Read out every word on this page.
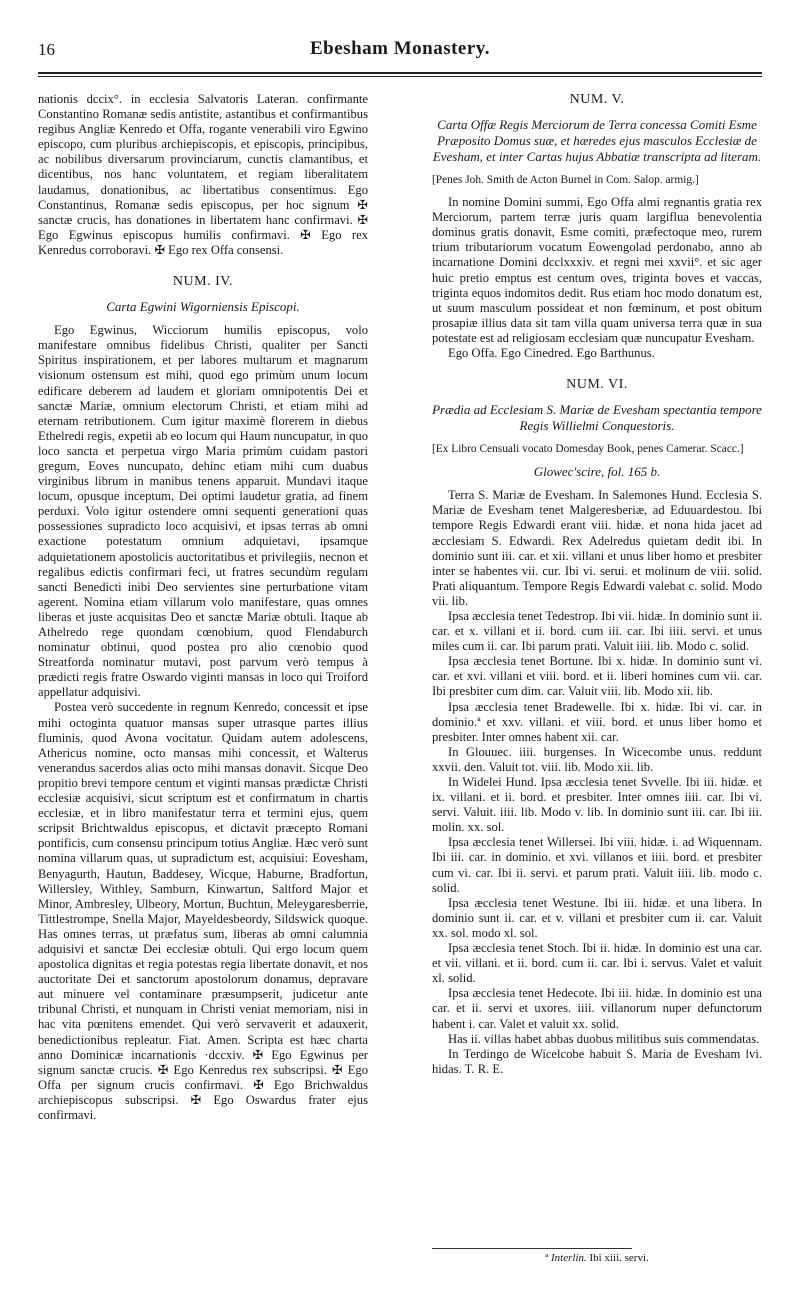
16	Ebesham Monastery.

nationis dccix°. in ecclesia Salvatoris Lateran. confirmante Constantino Romanæ sedis antistite, astantibus et confirmantibus regibus Angliæ Kenredo et Offa, rogante venerabili viro Egwino episcopo, cum pluribus archiepiscopis, et episcopis, principibus, ac nobilibus diversarum provinciarum, cunctis clamantibus, et dicentibus, nos hanc voluntatem, et regiam liberalitatem laudamus, donationibus, ac libertatibus consentimus. Ego Constantinus, Romanæ sedis episcopus, per hoc signum ✠ sanctæ crucis, has donationes in libertatem hanc confirmavi. ✠ Ego Egwinus episcopus humilis confirmavi. ✠ Ego rex Kenredus corroboravi. ✠ Ego rex Offa consensi.

NUM. IV.
Carta Egwini Wigorniensis Episcopi.

Ego Egwinus, Wicciorum humilis episcopus, volo manifestare omnibus fidelibus Christi, qualiter per Sancti Spiritus inspirationem, et per labores multarum et magnarum visionum ostensum est mihi, quod ego primùm unum locum edificare deberem ad laudem et gloriam omnipotentis Dei et sanctæ Mariæ, omnium electorum Christi, et etiam mihi ad eternam retributionem. Cum igitur maximè florerem in diebus Ethelredi regis, expetii ab eo locum qui Haum nuncupatur, in quo loco sancta et perpetua virgo Maria primùm cuidam pastori gregum, Eoves nuncupato, dehinc etiam mihi cum duabus virginibus librum in manibus tenens apparuit. Mundavi itaque locum, opusque inceptum, Dei optimi laudetur gratia, ad finem perduxi. Volo igitur ostendere omni sequenti generationi quas possessiones supradicto loco acquisivi, et ipsas terras ab omni exactione potestatum omnium adquietavi, ipsamque adquietationem apostolicis auctoritatibus et privilegiis, necnon et regalibus edictis confirmari feci, ut fratres secundùm regulam sancti Benedicti inibi Deo servientes sine perturbatione vitam agerent. Nomina etiam villarum volo manifestare, quas omnes liberas et juste acquisitas Deo et sanctæ Mariæ obtuli. Itaque ab Athelredo rege quondam cœnobium, quod Flendaburch nominatur obtinui, quod postea pro alio cœnobio quod Streatforda nominatur mutavi, post parvum verò tempus à prædicti regis fratre Oswardo viginti mansas in loco qui Troiford appellatur adquisivi.

Postea verò succedente in regnum Kenredo, concessit et ipse mihi octoginta quatuor mansas super utrasque partes illius fluminis, quod Avona vocitatur. Quidam autem adolescens, Athericus nomine, octo mansas mihi concessit, et Walterus venerandus sacerdos alias octo mihi mansas donavit. Sicque Deo propitio brevi tempore centum et viginti mansas prædictæ Christi ecclesiæ acquisivi, sicut scriptum est et confirmatum in chartis ecclesiæ, et in libro manifestatur terra et termini ejus, quem scripsit Brichtwaldus episcopus, et dictavit præcepto Romani pontificis, cum consensu principum totius Angliæ. Hæc verò sunt nomina villarum quas, ut supradictum est, acquisiui: Eovesham, Benyagurth, Hautun, Baddesey, Wicque, Haburne, Bradfortun, Willersley, Withley, Samburn, Kinwartun, Saltford Major et Minor, Ambresley, Ulbeory, Mortun, Buchtun, Meleygaresberrie, Tittlestrompe, Snella Major, Mayeldesbeordy, Sildswick quoque. Has omnes terras, ut præfatus sum, liberas ab omni calumnia adquisivi et sanctæ Dei ecclesiæ obtuli. Qui ergo locum quem apostolica dignitas et regia potestas regia libertate donavit, et nos auctoritate Dei et sanctorum apostolorum donamus, depravare aut minuere vel contaminare præsumpserit, judicetur ante tribunal Christi, et nunquam in Christi veniat memoriam, nisi in hac vita pœnitens emendet. Qui verò servaverit et adauxerit, benedictionibus repleatur. Fiat. Amen. Scripta est hæc charta anno Dominicæ incarnationis ·dccxiv. ✠ Ego Egwinus per signum sanctæ crucis. ✠ Ego Kenredus rex subscripsi. ✠ Ego Offa per signum crucis confirmavi. ✠ Ego Brichwaldus archiepiscopus subscripsi. ✠ Ego Oswardus frater ejus confirmavi.

NUM. V.
Carta Offæ Regis Merciorum de Terra concessa Comiti Esme Præposito Domus suæ, et hæredes ejus masculos Ecclesiæ de Evesham, et inter Cartas hujus Abbatiæ transcripta ad literam.
[Penes Joh. Smith de Acton Burnel in Com. Salop. armig.]

In nomine Domini summi, Ego Offa almi regnantis gratia rex Merciorum, partem terræ juris quam largiflua benevolentia dominus gratis donavit, Esme comiti, præfectoque meo, rurem trium tributariorum vocatum Eowengolad perdonabo, anno ab incarnatione Domini dcclxxxiv. et regni mei xxvii°. et sic ager huic pretio emptus est centum oves, triginta boves et vaccas, triginta equos indomitos dedit. Rus etiam hoc modo donatum est, ut suum masculum possideat et non fœminum, et post obitum prosapiæ illius data sit tam villa quam universa terra quæ in sua potestate est ad religiosam ecclesiam quæ nuncupatur Evesham.

Ego Offa. Ego Cinedred. Ego Barthunus.

NUM. VI.
Prædia ad Ecclesiam S. Mariæ de Evesham spectantia tempore Regis Willielmi Conquestoris.
[Ex Libro Censuali vocato Domesday Book, penes Camerar. Scacc.]
Glowec'scire, fol. 165 b.

Terra S. Mariæ de Evesham. In Salemones Hund. Ecclesia S. Mariæ de Evesham tenet Malgeresberiæ, ad Eduuardestou. Ibi tempore Regis Edwardi erant viii. hidæ. et nona hida jacet ad æcclesiam S. Edwardi. Rex Adelredus quietam dedit ibi. In dominio sunt iii. car. et xii. villani et unus liber homo et presbiter inter se habentes vii. cur. Ibi vi. serui. et molinum de viii. solid. Prati aliquantum. Tempore Regis Edwardi valebat c. solid. Modo vii. lib.

Ipsa æcclesia tenet Tedestrop. Ibi vii. hidæ. In dominio sunt ii. car. et x. villani et ii. bord. cum iii. car. Ibi iiii. servi. et unus miles cum ii. car. Ibi parum prati. Valuit iiii. lib. Modo c. solid.

Ipsa æcclesia tenet Bortune. Ibi x. hidæ. In dominio sunt vi. car. et xvi. villani et viii. bord. et ii. liberi homines cum vii. car. Ibi presbiter cum dim. car. Valuit viii. lib. Modo xii. lib.

Ipsa æcclesia tenet Bradewelle. Ibi x. hidæ. Ibi vi. car. in dominio.ª et xxv. villani. et viii. bord. et unus liber homo et presbiter. Inter omnes habent xii. car.

In Glouuec. iiii. burgenses. In Wicecombe unus. reddunt xxvii. den. Valuit tot. viii. lib. Modo xii. lib.

In Widelei Hund. Ipsa æcclesia tenet Svvelle. Ibi iii. hidæ. et ix. villani. et ii. bord. et presbiter. Inter omnes iiii. car. Ibi vi. servi. Valuit. iiii. lib. Modo v. lib. In dominio sunt iii. car. Ibi iii. molin. xx. sol.

Ipsa æcclesia tenet Willersei. Ibi viii. hidæ. i. ad Wiquennam. Ibi iii. car. in dominio. et xvi. villanos et iiii. bord. et presbiter cum vi. car. Ibi ii. servi. et parum prati. Valuit iiii. lib. modo c. solid.

Ipsa æcclesia tenet Westune. Ibi iii. hidæ. et una libera. In dominio sunt ii. car. et v. villani et presbiter cum ii. car. Valuit xx. sol. modo xl. sol.

Ipsa æcclesia tenet Stoch. Ibi ii. hidæ. In dominio est una car. et vii. villani. et ii. bord. cum ii. car. Ibi i. servus. Valet et valuit xl. solid.

Ipsa æcclesia tenet Hedecote. Ibi iii. hidæ. In dominio est una car. et ii. servi et uxores. iiii. villanorum nuper defunctorum habent i. car. Valet et valuit xx. solid.

Has ii. villas habet abbas duobus militibus suis commendatas.

In Terdingo de Wicelcobe habuit S. Maria de Evesham lvi. hidas. T. R. E.

ª Interlin. Ibi xiii. servi.
